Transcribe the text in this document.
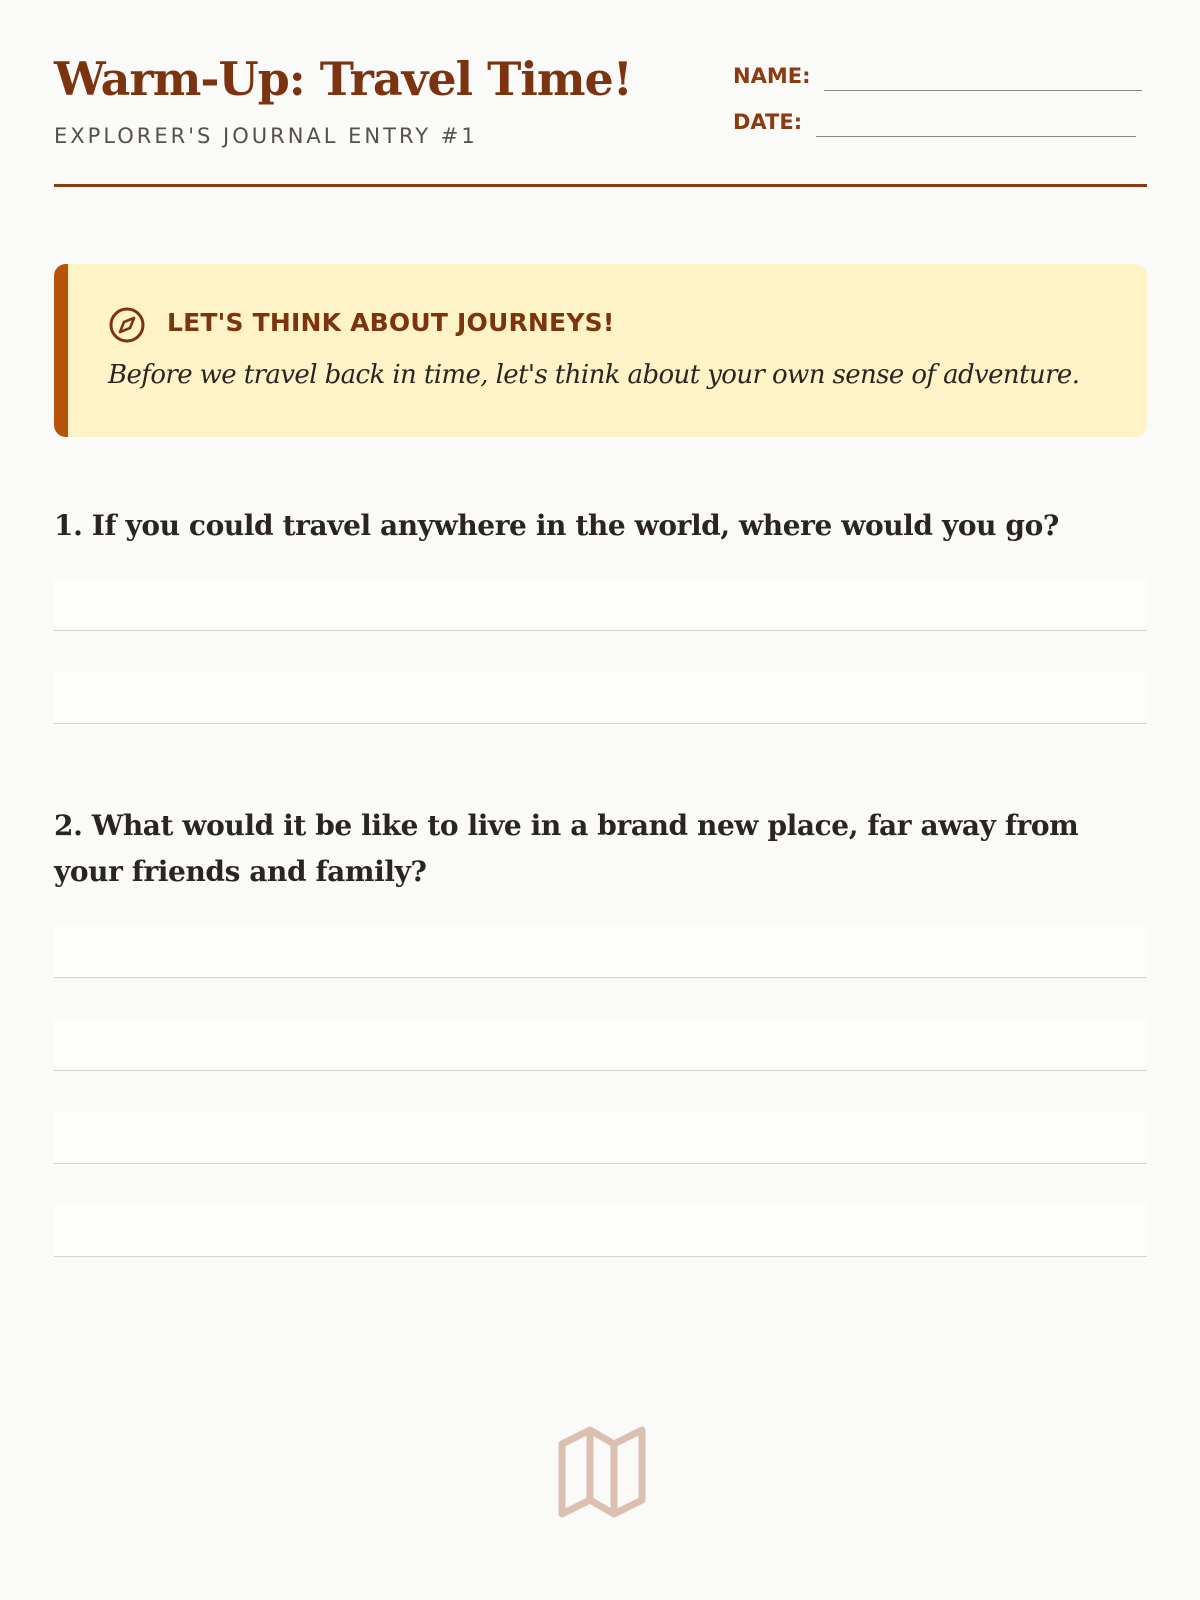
Warm-Up: Travel Time!
EXPLORER'S JOURNAL ENTRY #1
NAME:
DATE:
LET'S THINK ABOUT JOURNEYS!
Before we travel back in time, let's think about your own sense of adventure.

1. If you could travel anywhere in the world, where would you go?

2. What would it be like to live in a brand new place, far away from your friends and family?
